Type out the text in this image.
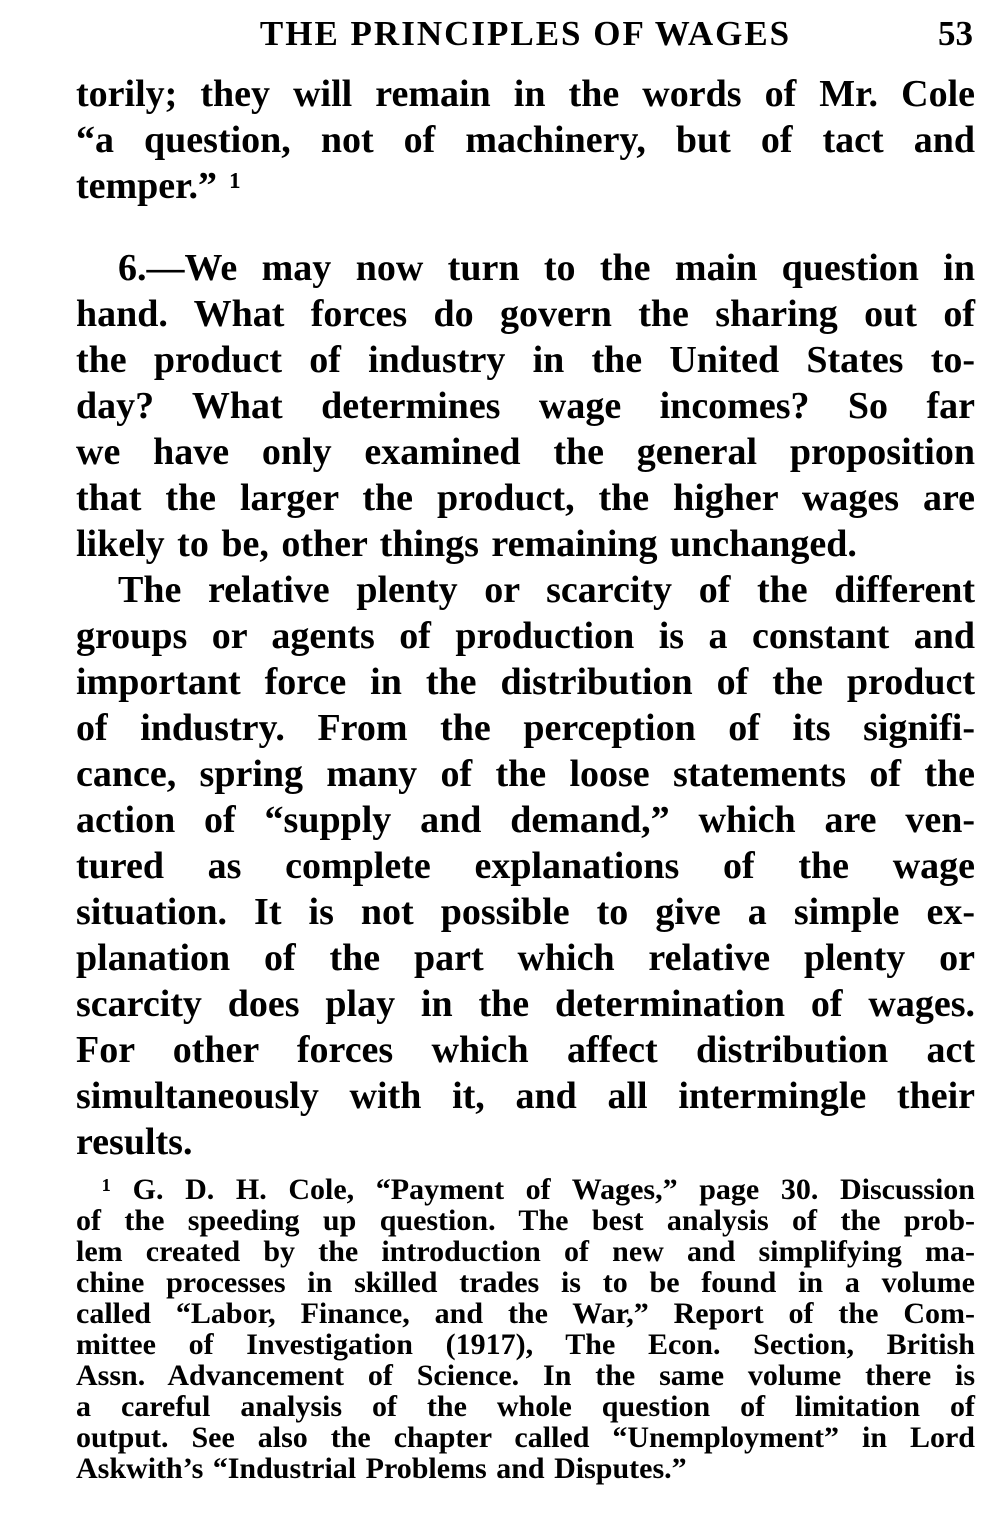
THE PRINCIPLES OF WAGES	53
torily; they will remain in the words of Mr. Cole
“a question, not of machinery, but of tact and
temper.” ¹
6.—We may now turn to the main question in
hand. What forces do govern the sharing out of
the product of industry in the United States to-
day? What determines wage incomes? So far
we have only examined the general proposition
that the larger the product, the higher wages are
likely to be, other things remaining unchanged.
The relative plenty or scarcity of the different
groups or agents of production is a constant and
important force in the distribution of the product
of industry. From the perception of its signifi-
cance, spring many of the loose statements of the
action of “supply and demand,” which are ven-
tured as complete explanations of the wage
situation. It is not possible to give a simple ex-
planation of the part which relative plenty or
scarcity does play in the determination of wages.
For other forces which affect distribution act
simultaneously with it, and all intermingle their
results.
¹ G. D. H. Cole, “Payment of Wages,” page 30. Discussion
of the speeding up question. The best analysis of the prob-
lem created by the introduction of new and simplifying ma-
chine processes in skilled trades is to be found in a volume
called “Labor, Finance, and the War,” Report of the Com-
mittee of Investigation (1917), The Econ. Section, British
Assn. Advancement of Science. In the same volume there is
a careful analysis of the whole question of limitation of
output. See also the chapter called “Unemployment” in Lord
Askwith’s “Industrial Problems and Disputes.”
